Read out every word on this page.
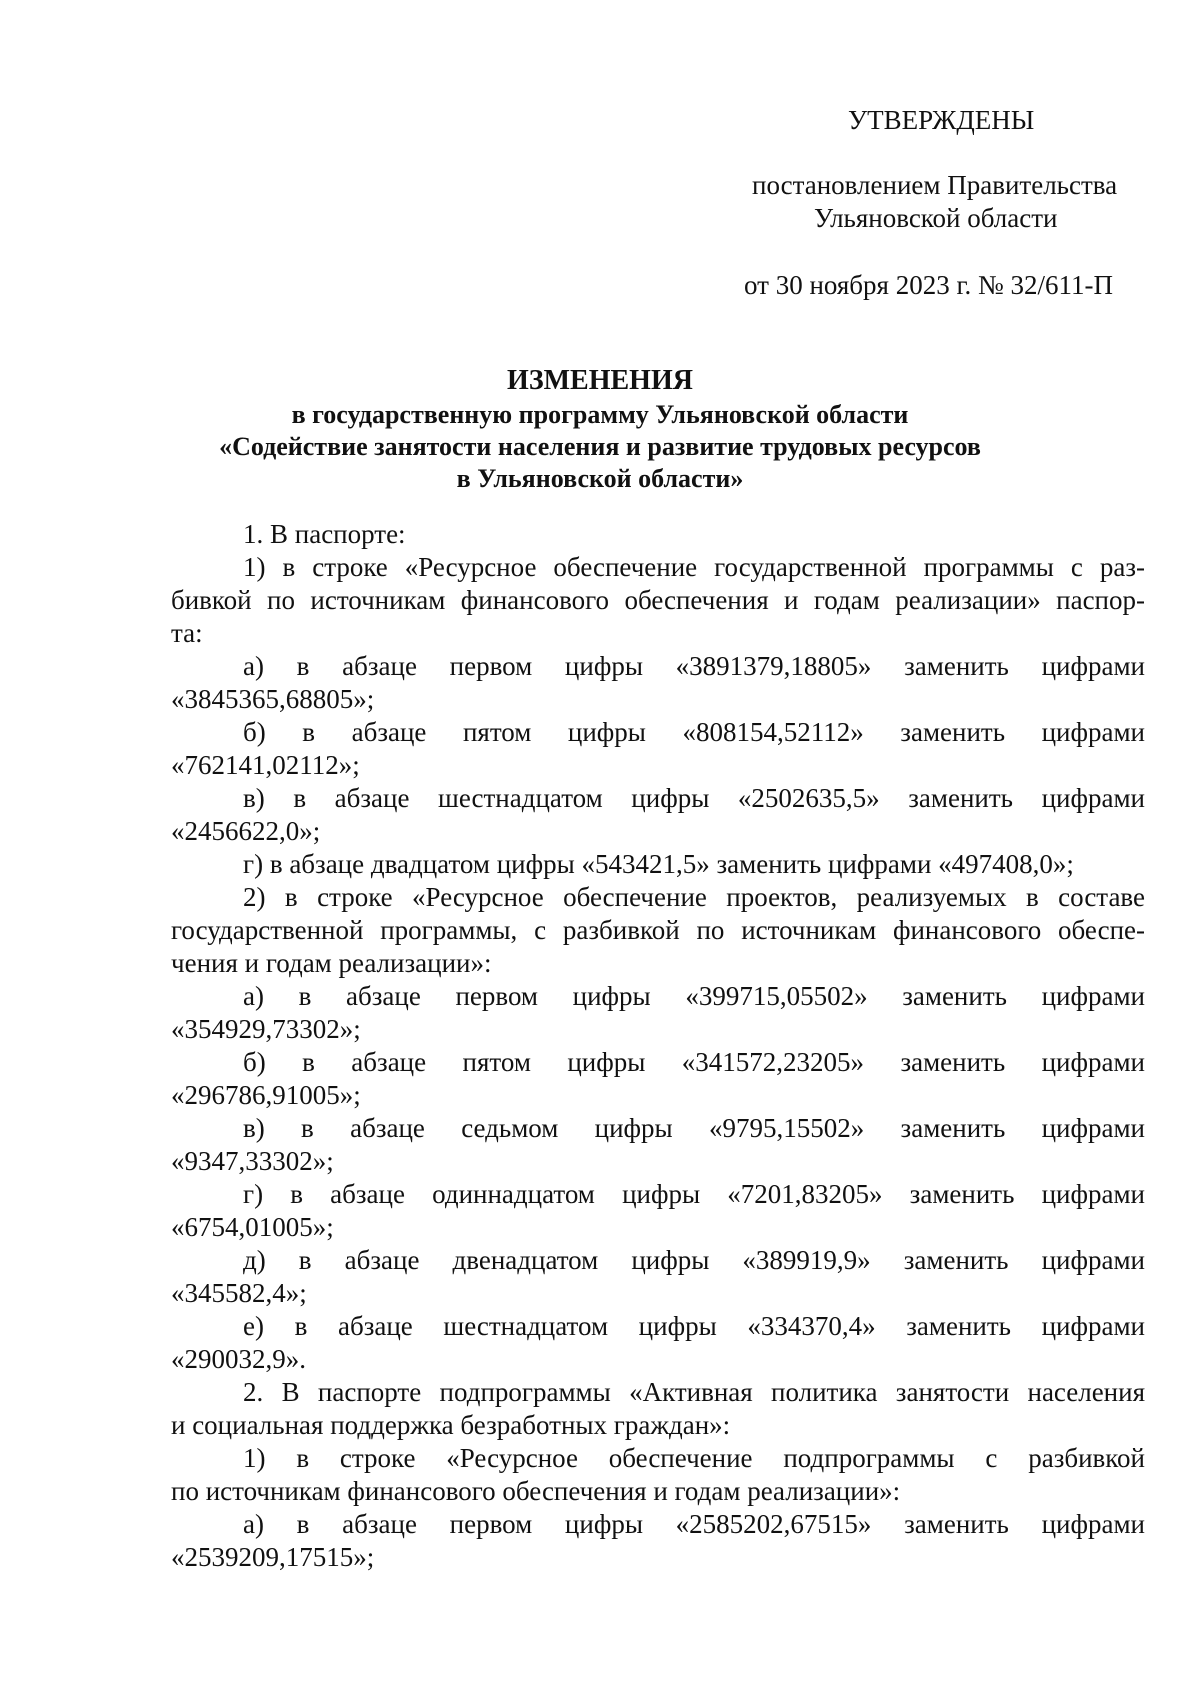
УТВЕРЖДЕНЫ
постановлением Правительства
Ульяновской области
от 30 ноября 2023 г. № 32/611-П
ИЗМЕНЕНИЯ
в государственную программу Ульяновской области
«Содействие занятости населения и развитие трудовых ресурсов
в Ульяновской области»

1. В паспорте:

1) в строке «Ресурсное обеспечение государственной программы с раз-

бивкой по источникам финансового обеспечения и годам реализации» паспор-

та:

а) в абзаце первом цифры «3891379,18805» заменить цифрами

«3845365,68805»;

б) в абзаце пятом цифры «808154,52112» заменить цифрами

«762141,02112»;

в) в абзаце шестнадцатом цифры «2502635,5» заменить цифрами

«2456622,0»;

г) в абзаце двадцатом цифры «543421,5» заменить цифрами «497408,0»;

2) в строке «Ресурсное обеспечение проектов, реализуемых в составе

государственной программы, с разбивкой по источникам финансового обеспе-

чения и годам реализации»:

а) в абзаце первом цифры «399715,05502» заменить цифрами

«354929,73302»;

б) в абзаце пятом цифры «341572,23205» заменить цифрами

«296786,91005»;

в) в абзаце седьмом цифры «9795,15502» заменить цифрами

«9347,33302»;

г) в абзаце одиннадцатом цифры «7201,83205» заменить цифрами

«6754,01005»;

д) в абзаце двенадцатом цифры «389919,9» заменить цифрами

«345582,4»;

е) в абзаце шестнадцатом цифры «334370,4» заменить цифрами

«290032,9».

2. В паспорте подпрограммы «Активная политика занятости населения

и социальная поддержка безработных граждан»:

1) в строке «Ресурсное обеспечение подпрограммы с разбивкой

по источникам финансового обеспечения и годам реализации»:

а) в абзаце первом цифры «2585202,67515» заменить цифрами

«2539209,17515»;
